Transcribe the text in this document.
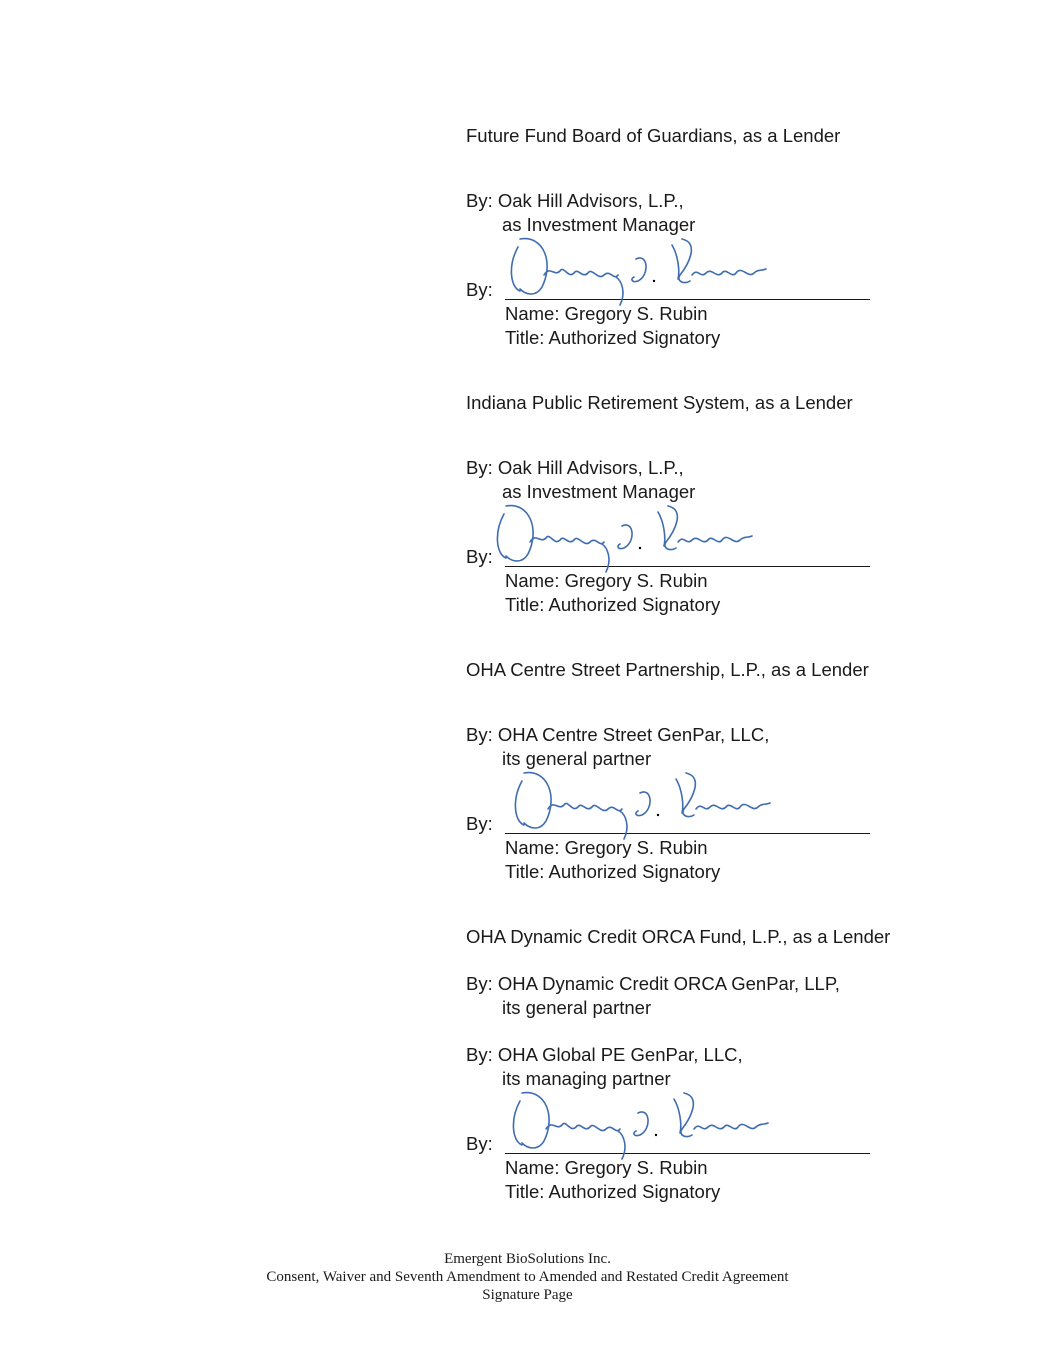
Future Fund Board of Guardians, as a Lender
By: Oak Hill Advisors, L.P.,
as Investment Manager
By:
Name: Gregory S. Rubin
Title: Authorized Signatory
Indiana Public Retirement System, as a Lender
By: Oak Hill Advisors, L.P.,
as Investment Manager
By:
Name: Gregory S. Rubin
Title: Authorized Signatory
OHA Centre Street Partnership, L.P., as a Lender
By: OHA Centre Street GenPar, LLC,
its general partner
By:
Name: Gregory S. Rubin
Title: Authorized Signatory
OHA Dynamic Credit ORCA Fund, L.P., as a Lender
By: OHA Dynamic Credit ORCA GenPar, LLP,
its general partner
By: OHA Global PE GenPar, LLC,
its managing partner
By:
Name: Gregory S. Rubin
Title: Authorized Signatory
Emergent BioSolutions Inc.
Consent, Waiver and Seventh Amendment to Amended and Restated Credit Agreement
Signature Page
